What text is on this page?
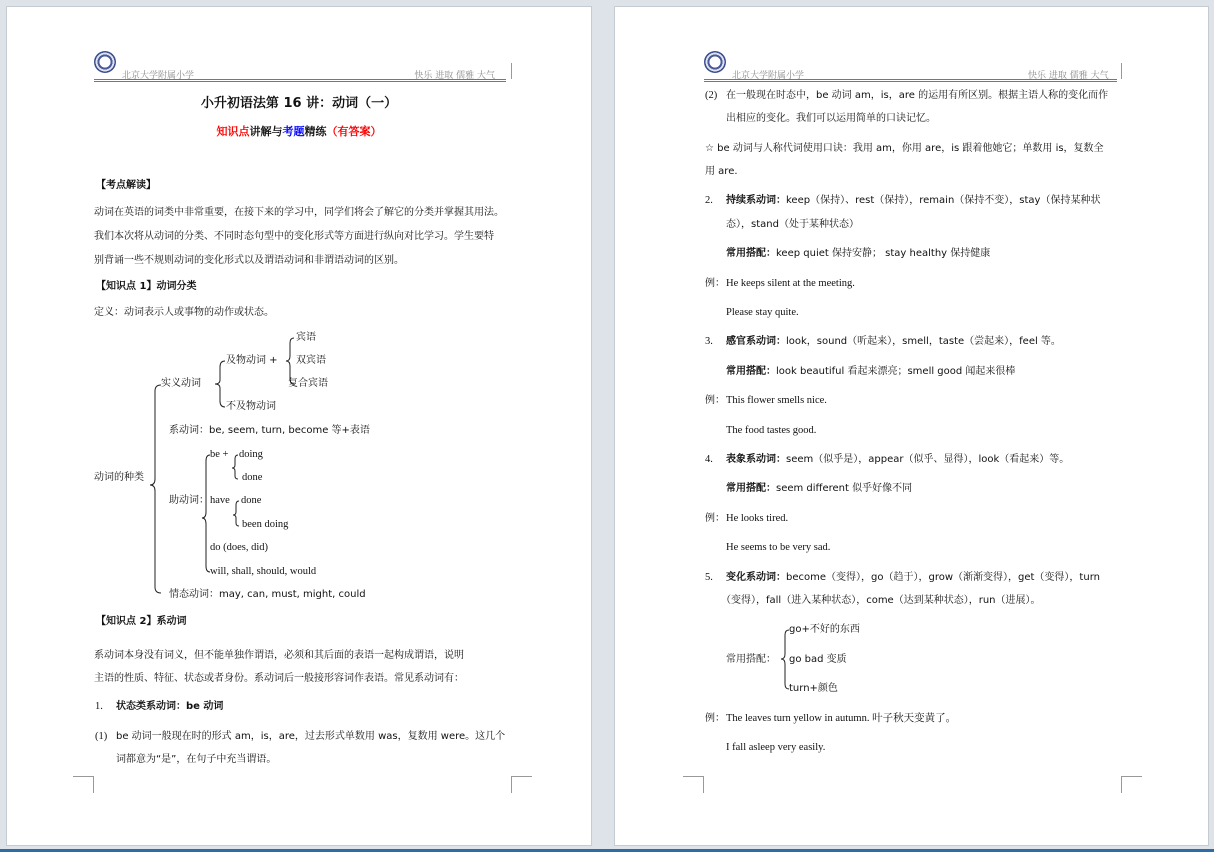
北京大学附属小学	快乐 进取 儒雅 大气
小升初语法第 16 讲：动词（一）
知识点讲解与考题精练（有答案）
【考点解读】
动词在英语的词类中非常重要，在接下来的学习中，同学们将会了解它的分类并掌握其用法。
我们本次将从动词的分类、不同时态句型中的变化形式等方面进行纵向对比学习。学生要特
别背诵一些不规则动词的变化形式以及谓语动词和非谓语动词的区别。
【知识点 1】动词分类
定义：动词表示人或事物的动作或状态。
宾语
及物动词 + 双宾语
复合宾语
实义动词
不及物动词
系动词：be, seem, turn, become 等+表语
动词的种类
be + doing
done
助动词： have done
been doing
do (does, did)
will, shall, should, would
情态动词：may, can, must, might, could
【知识点 2】系动词
系动词本身没有词义，但不能单独作谓语，必须和其后面的表语一起构成谓语，说明
主语的性质、特征、状态或者身份。系动词后一般接形容词作表语。常见系动词有：
1. 状态类系动词：be 动词
(1) be 动词一般现在时的形式 am，is，are，过去形式单数用 was，复数用 were。这几个
词都意为“是”，在句子中充当谓语。
北京大学附属小学	快乐 进取 儒雅 大气
(2) 在一般现在时态中，be 动词 am，is，are 的运用有所区别。根据主语人称的变化而作
出相应的变化。我们可以运用简单的口诀记忆。
☆ be 动词与人称代词使用口诀：我用 am，你用 are，is 跟着他她它；单数用 is，复数全
用 are.
2. 持续系动词：keep（保持）、rest（保持），remain（保持不变），stay（保持某种状
态），stand（处于某种状态）
常用搭配：keep quiet 保持安静； stay healthy 保持健康
例： He keeps silent at the meeting.
Please stay quite.
3. 感官系动词：look，sound（听起来），smell，taste（尝起来），feel 等。
常用搭配：look beautiful 看起来漂亮；smell good 闻起来很棒
例： This flower smells nice.
The food tastes good.
4. 表象系动词：seem（似乎是），appear（似乎、显得），look（看起来）等。
常用搭配：seem different 似乎好像不同
例： He looks tired.
He seems to be very sad.
5. 变化系动词：become（变得），go（趋于），grow（渐渐变得），get（变得），turn
（变得），fall（进入某种状态），come（达到某种状态），run（进展）。
常用搭配：
go+不好的东西
go bad 变质
turn+颜色
例： The leaves turn yellow in autumn. 叶子秋天变黄了。
I fall asleep very easily.
